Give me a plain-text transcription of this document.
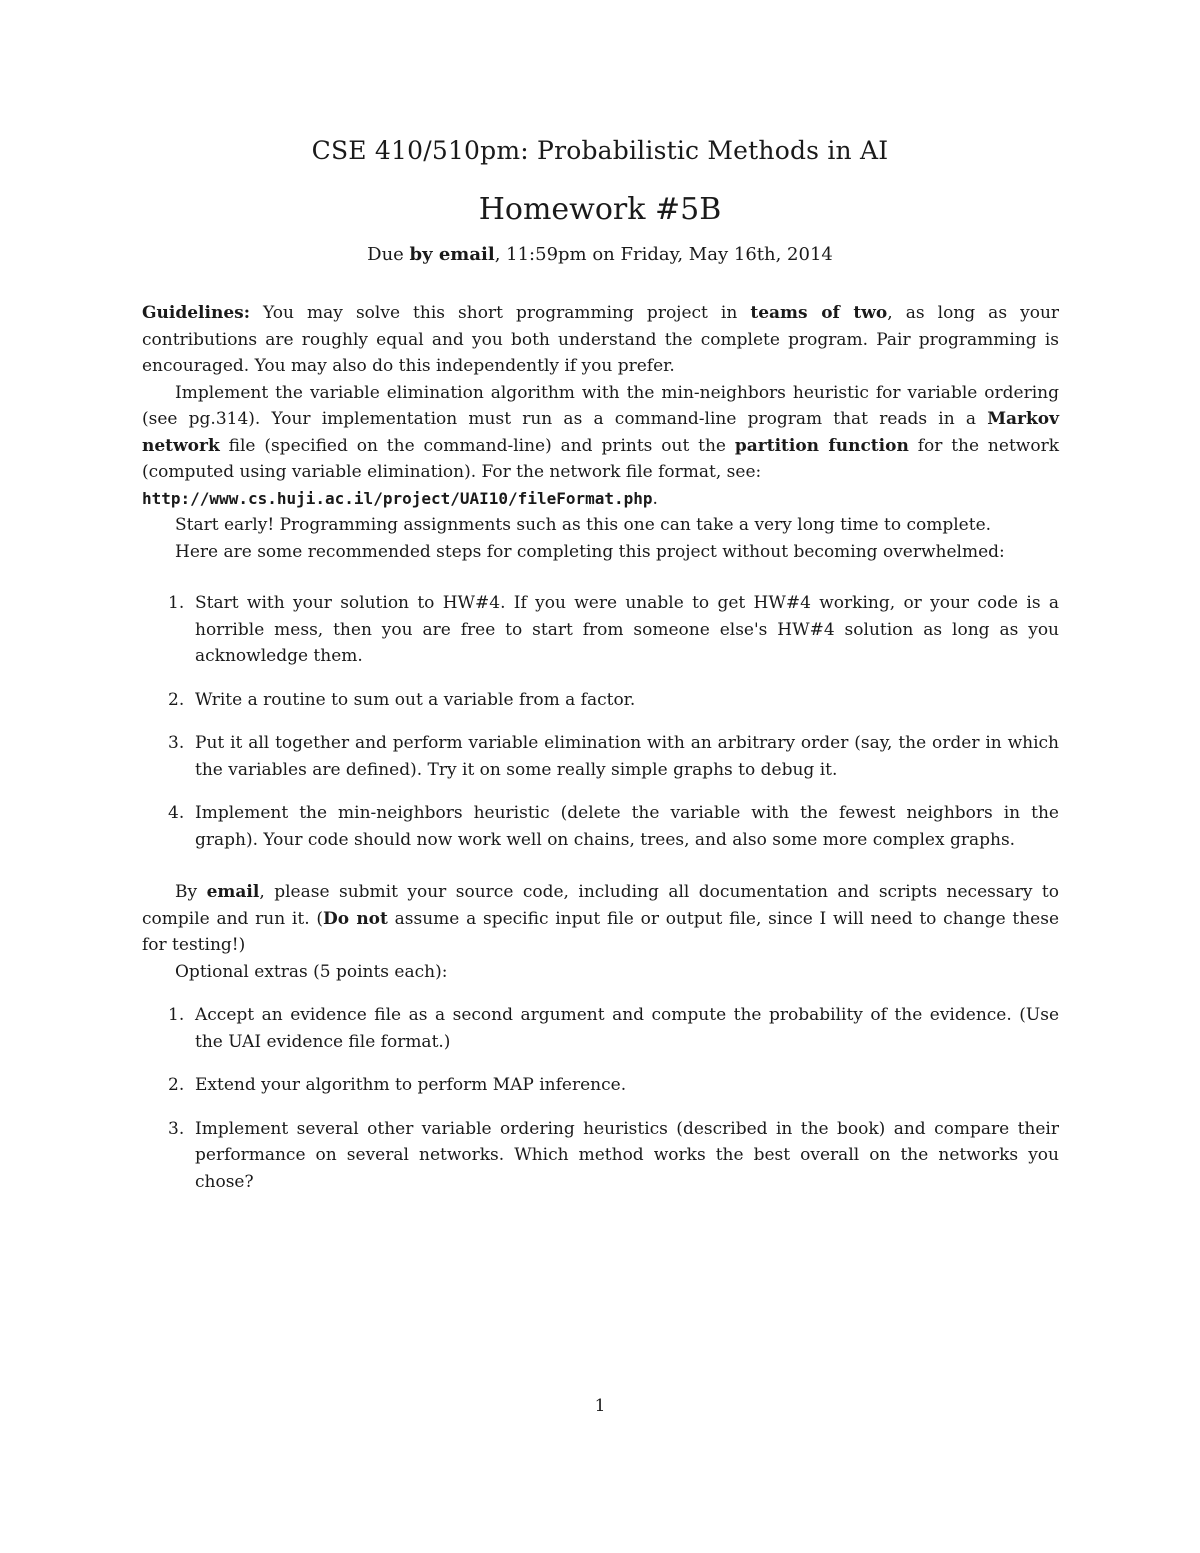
CSE 410/510pm: Probabilistic Methods in AI
Homework #5B
Due by email, 11:59pm on Friday, May 16th, 2014

Guidelines: You may solve this short programming project in teams of two, as long as your contributions are roughly equal and you both understand the complete program. Pair programming is encouraged. You may also do this independently if you prefer.

Implement the variable elimination algorithm with the min-neighbors heuristic for variable ordering (see pg.314). Your implementation must run as a command-line program that reads in a Markov network file (specified on the command-line) and prints out the partition function for the network (computed using variable elimination). For the network file format, see:
http://www.cs.huji.ac.il/project/UAI10/fileFormat.php.

Start early! Programming assignments such as this one can take a very long time to complete.

Here are some recommended steps for completing this project without becoming overwhelmed:

1. Start with your solution to HW#4. If you were unable to get HW#4 working, or your code is a horrible mess, then you are free to start from someone else's HW#4 solution as long as you acknowledge them.
2. Write a routine to sum out a variable from a factor.
3. Put it all together and perform variable elimination with an arbitrary order (say, the order in which the variables are defined). Try it on some really simple graphs to debug it.
4. Implement the min-neighbors heuristic (delete the variable with the fewest neighbors in the graph). Your code should now work well on chains, trees, and also some more complex graphs.

By email, please submit your source code, including all documentation and scripts necessary to compile and run it. (Do not assume a specific input file or output file, since I will need to change these for testing!)

Optional extras (5 points each):

1. Accept an evidence file as a second argument and compute the probability of the evidence. (Use the UAI evidence file format.)
2. Extend your algorithm to perform MAP inference.
3. Implement several other variable ordering heuristics (described in the book) and compare their performance on several networks. Which method works the best overall on the networks you chose?
1
